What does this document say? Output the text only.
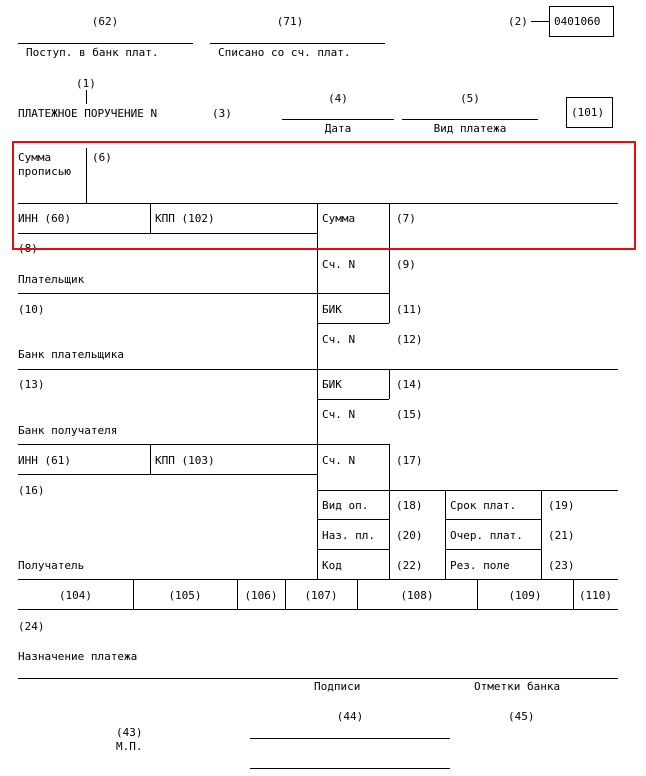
(62)	(71)	(2) 0401060
Поступ. в банк плат.	Списано со сч. плат.
(1)
ПЛАТЕЖНОЕ ПОРУЧЕНИЕ N	(3)
(4)	(5)
Дата	Вид платежа
(101)
Сумма
прописью
(6)
ИНН (60)	КПП (102)
(8)
Плательщик
(10)
Банк плательщика
(13)
Банк получателя
ИНН (61)	КПП (103)
(16)
Получатель
Сумма	(7)
Сч. N	(9)
БИК	(11)
Сч. N	(12)
БИК	(14)
Сч. N	(15)
Сч. N	(17)
Вид оп.	(18)	Срок плат.	(19)
Наз. пл. (20)	Очер. плат. (21)
Код	(22)	Рез. поле	(23)
(104)	(105)	(106)	(107)	(108)	(109)	(110)
(24)
Назначение платежа
Подписи	Отметки банка
(43)
М.П.
(44)	(45)
